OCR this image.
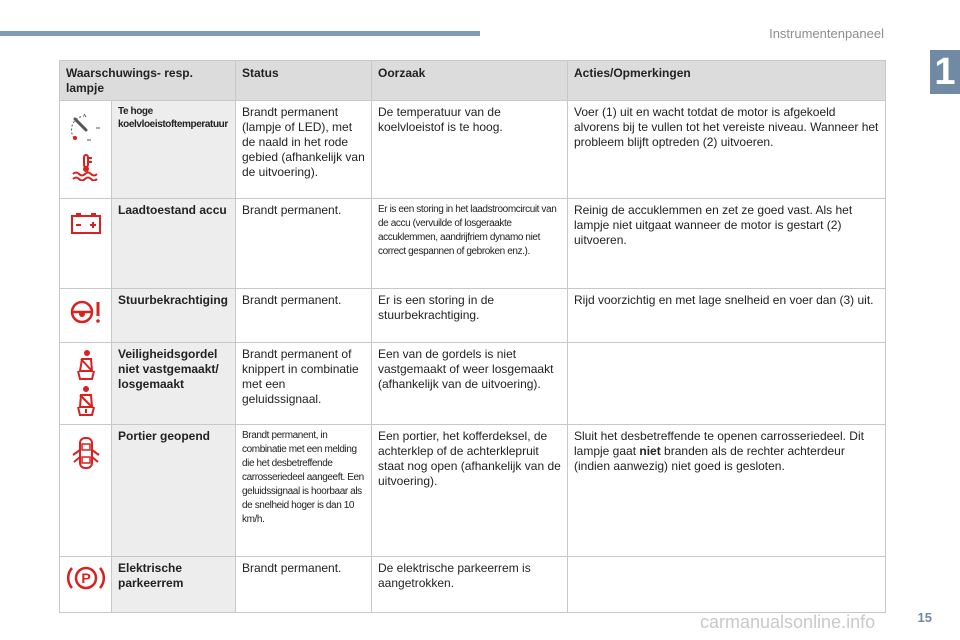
Instrumentenpaneel
1
Waarschuwings- resp. lampje		Status	Oorzaak	Acties/Opmerkingen

Te hoge koelvloeistoftemperatuur	Brandt permanent (lampje of LED), met de naald in het rode gebied (afhankelijk van de uitvoering).	De temperatuur van de koelvloeistof is te hoog.	Voer (1) uit en wacht totdat de motor is afgekoeld alvorens bij te vullen tot het vereiste niveau. Wanneer het probleem blijft optreden (2) uitvoeren.

	Laadtoestand accu	Brandt permanent.	Er is een storing in het laadstroomcircuit van de accu (vervuilde of losgeraakte accuklemmen, aandrijfriem dynamo niet correct gespannen of gebroken enz.).	Reinig de accuklemmen en zet ze goed vast. Als het lampje niet uitgaat wanneer de motor is gestart (2) uitvoeren.

	Stuurbekrachtiging	Brandt permanent.	Er is een storing in de stuurbekrachtiging.	Rijd voorzichtig en met lage snelheid en voer dan (3) uit.

	Veiligheidsgordel niet vastgemaakt/ losgemaakt	Brandt permanent of knippert in combinatie met een geluidssignaal.	Een van de gordels is niet vastgemaakt of weer losgemaakt (afhankelijk van de uitvoering).	

	Portier geopend	Brandt permanent, in combinatie met een melding die het desbetreffende carrosseriedeel aangeeft. Een geluidssignaal is hoorbaar als de snelheid hoger is dan 10 km/h.	Een portier, het kofferdeksel, de achterklep of de achterklepruit staat nog open (afhankelijk van de uitvoering).	Sluit het desbetreffende te openen carrosseriedeel. Dit lampje gaat niet branden als de rechter achterdeur (indien aanwezig) niet goed is gesloten.

P	Elektrische parkeerrem	Brandt permanent.	De elektrische parkeerrem is aangetrokken.	
carmanualsonline.info	15
